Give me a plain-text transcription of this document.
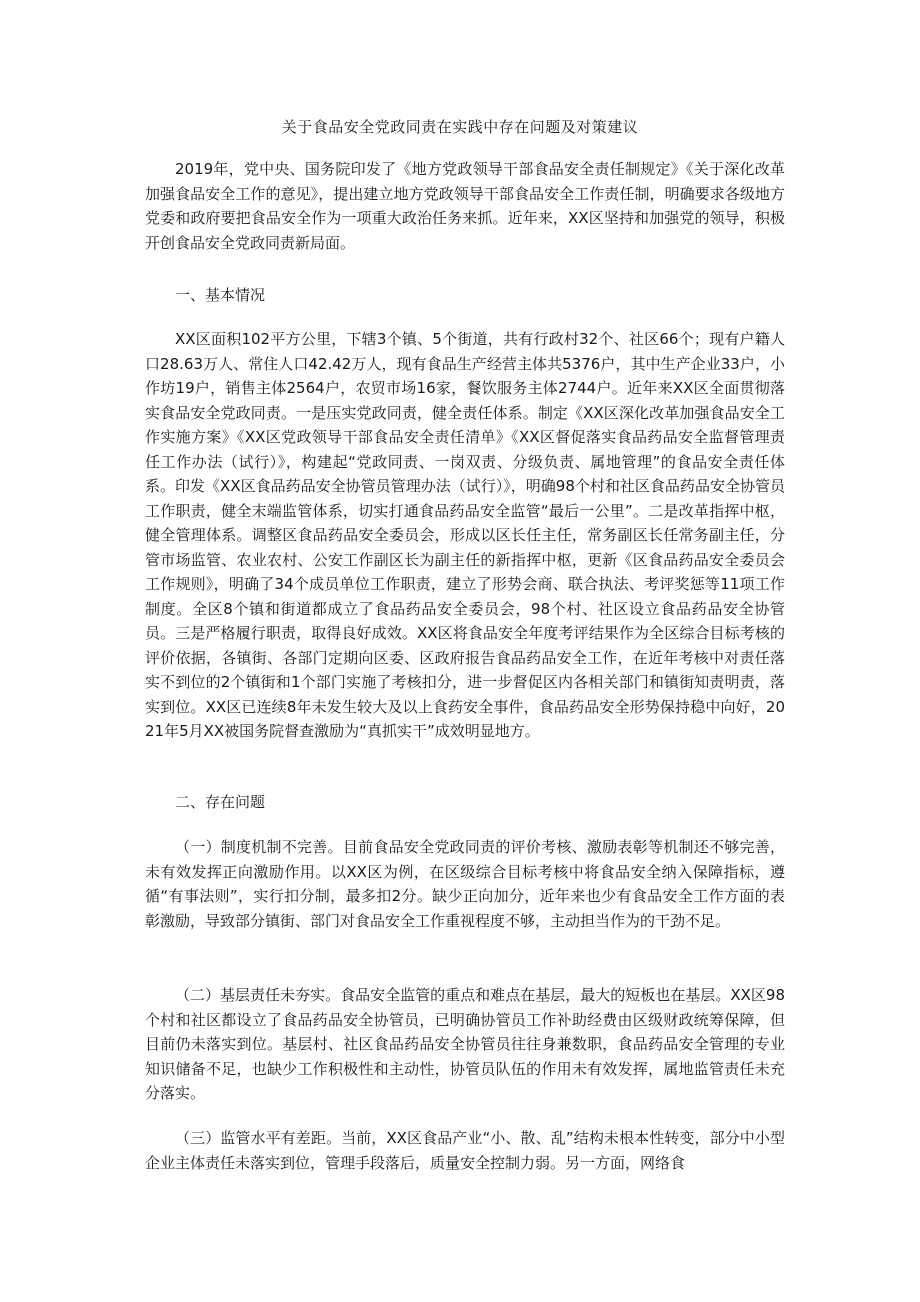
关于食品安全党政同责在实践中存在问题及对策建议

2019年，党中央、国务院印发了《地方党政领导干部食品安全责任制规定》《关于深化改革加强食品安全工作的意见》，提出建立地方党政领导干部食品安全工作责任制，明确要求各级地方党委和政府要把食品安全作为一项重大政治任务来抓。近年来，XX区坚持和加强党的领导，积极开创食品安全党政同责新局面。

一、基本情况

XX区面积102平方公里，下辖3个镇、5个街道，共有行政村32个、社区66个；现有户籍人口28.63万人、常住人口42.42万人，现有食品生产经营主体共5376户，其中生产企业33户，小作坊19户，销售主体2564户，农贸市场16家，餐饮服务主体2744户。近年来XX区全面贯彻落实食品安全党政同责。一是压实党政同责，健全责任体系。制定《XX区深化改革加强食品安全工作实施方案》《XX区党政领导干部食品安全责任清单》《XX区督促落实食品药品安全监督管理责任工作办法（试行）》，构建起“党政同责、一岗双责、分级负责、属地管理”的食品安全责任体系。印发《XX区食品药品安全协管员管理办法（试行）》，明确98个村和社区食品药品安全协管员工作职责，健全末端监管体系，切实打通食品药品安全监管“最后一公里”。二是改革指挥中枢，健全管理体系。调整区食品药品安全委员会，形成以区长任主任，常务副区长任常务副主任，分管市场监管、农业农村、公安工作副区长为副主任的新指挥中枢，更新《区食品药品安全委员会工作规则》，明确了34个成员单位工作职责，建立了形势会商、联合执法、考评奖惩等11项工作制度。全区8个镇和街道都成立了食品药品安全委员会，98个村、社区设立食品药品安全协管员。三是严格履行职责，取得良好成效。XX区将食品安全年度考评结果作为全区综合目标考核的评价依据，各镇街、各部门定期向区委、区政府报告食品药品安全工作，在近年考核中对责任落实不到位的2个镇街和1个部门实施了考核扣分，进一步督促区内各相关部门和镇街知责明责，落实到位。XX区已连续8年未发生较大及以上食药安全事件，食品药品安全形势保持稳中向好，2021年5月XX被国务院督查激励为“真抓实干”成效明显地方。

二、存在问题

（一）制度机制不完善。目前食品安全党政同责的评价考核、激励表彰等机制还不够完善，未有效发挥正向激励作用。以XX区为例，在区级综合目标考核中将食品安全纳入保障指标，遵循“有事法则”，实行扣分制，最多扣2分。缺少正向加分，近年来也少有食品安全工作方面的表彰激励，导致部分镇街、部门对食品安全工作重视程度不够，主动担当作为的干劲不足。

（二）基层责任未夯实。食品安全监管的重点和难点在基层，最大的短板也在基层。XX区98个村和社区都设立了食品药品安全协管员，已明确协管员工作补助经费由区级财政统筹保障，但目前仍未落实到位。基层村、社区食品药品安全协管员往往身兼数职，食品药品安全管理的专业知识储备不足，也缺少工作积极性和主动性，协管员队伍的作用未有效发挥，属地监管责任未充分落实。

（三）监管水平有差距。当前，XX区食品产业“小、散、乱”结构未根本性转变，部分中小型企业主体责任未落实到位，管理手段落后，质量安全控制力弱。另一方面，网络食
